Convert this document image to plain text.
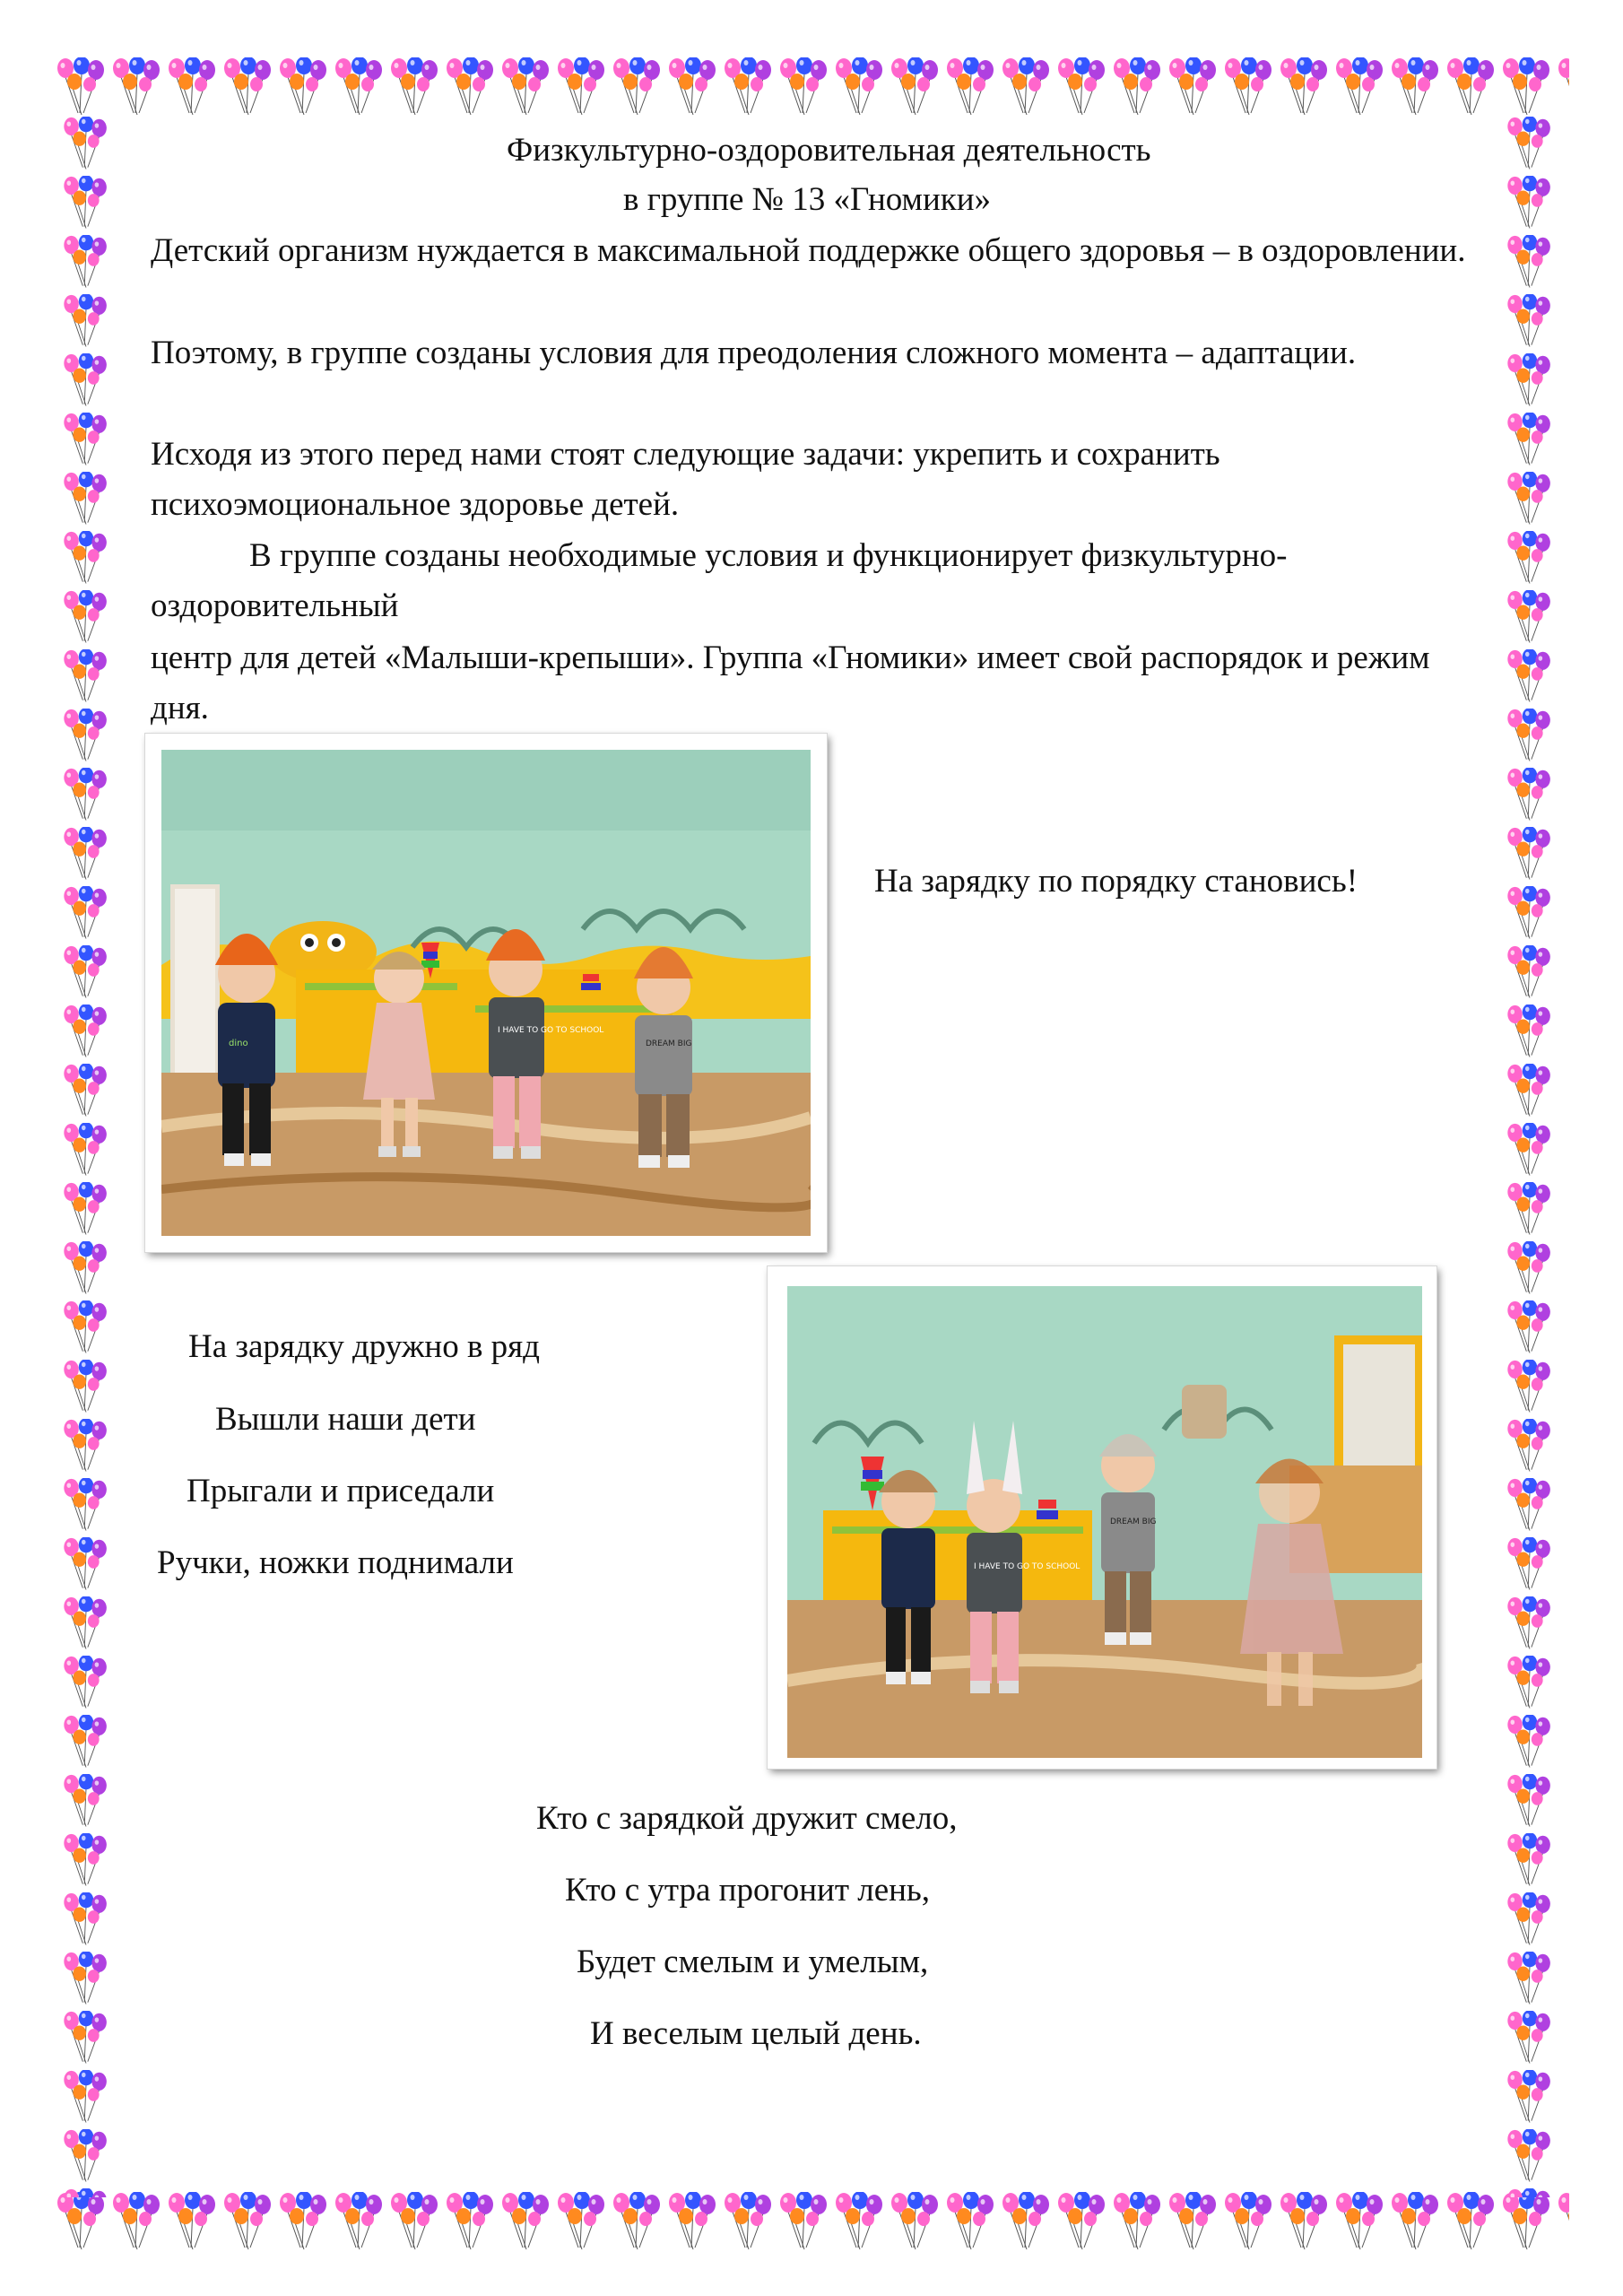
Физкультурно-оздоровительная деятельность
в группе № 13 «Гномики»
Детский организм нуждается в максимальной поддержке общего здоровья – в оздоровлении.
Поэтому, в группе созданы условия для преодоления сложного момента – адаптации.
Исходя из этого перед нами стоят следующие задачи: укрепить и сохранить психоэмоциональное здоровье детей.
В группе созданы необходимые условия и функционирует физкультурно-оздоровительный
центр для детей «Малыши-крепыши». Группа «Гномики» имеет свой распорядок и режим дня.
dino
I HAVE TO GO TO SCHOOL
DREAM BIG
На зарядку по порядку становись!
I HAVE TO GO TO SCHOOL
DREAM BIG
На зарядку дружно в ряд
Вышли наши дети
Прыгали и приседали
Ручки, ножки поднимали
Кто с зарядкой дружит смело,
Кто с утра прогонит лень,
Будет смелым и умелым,
И веселым целый день.
